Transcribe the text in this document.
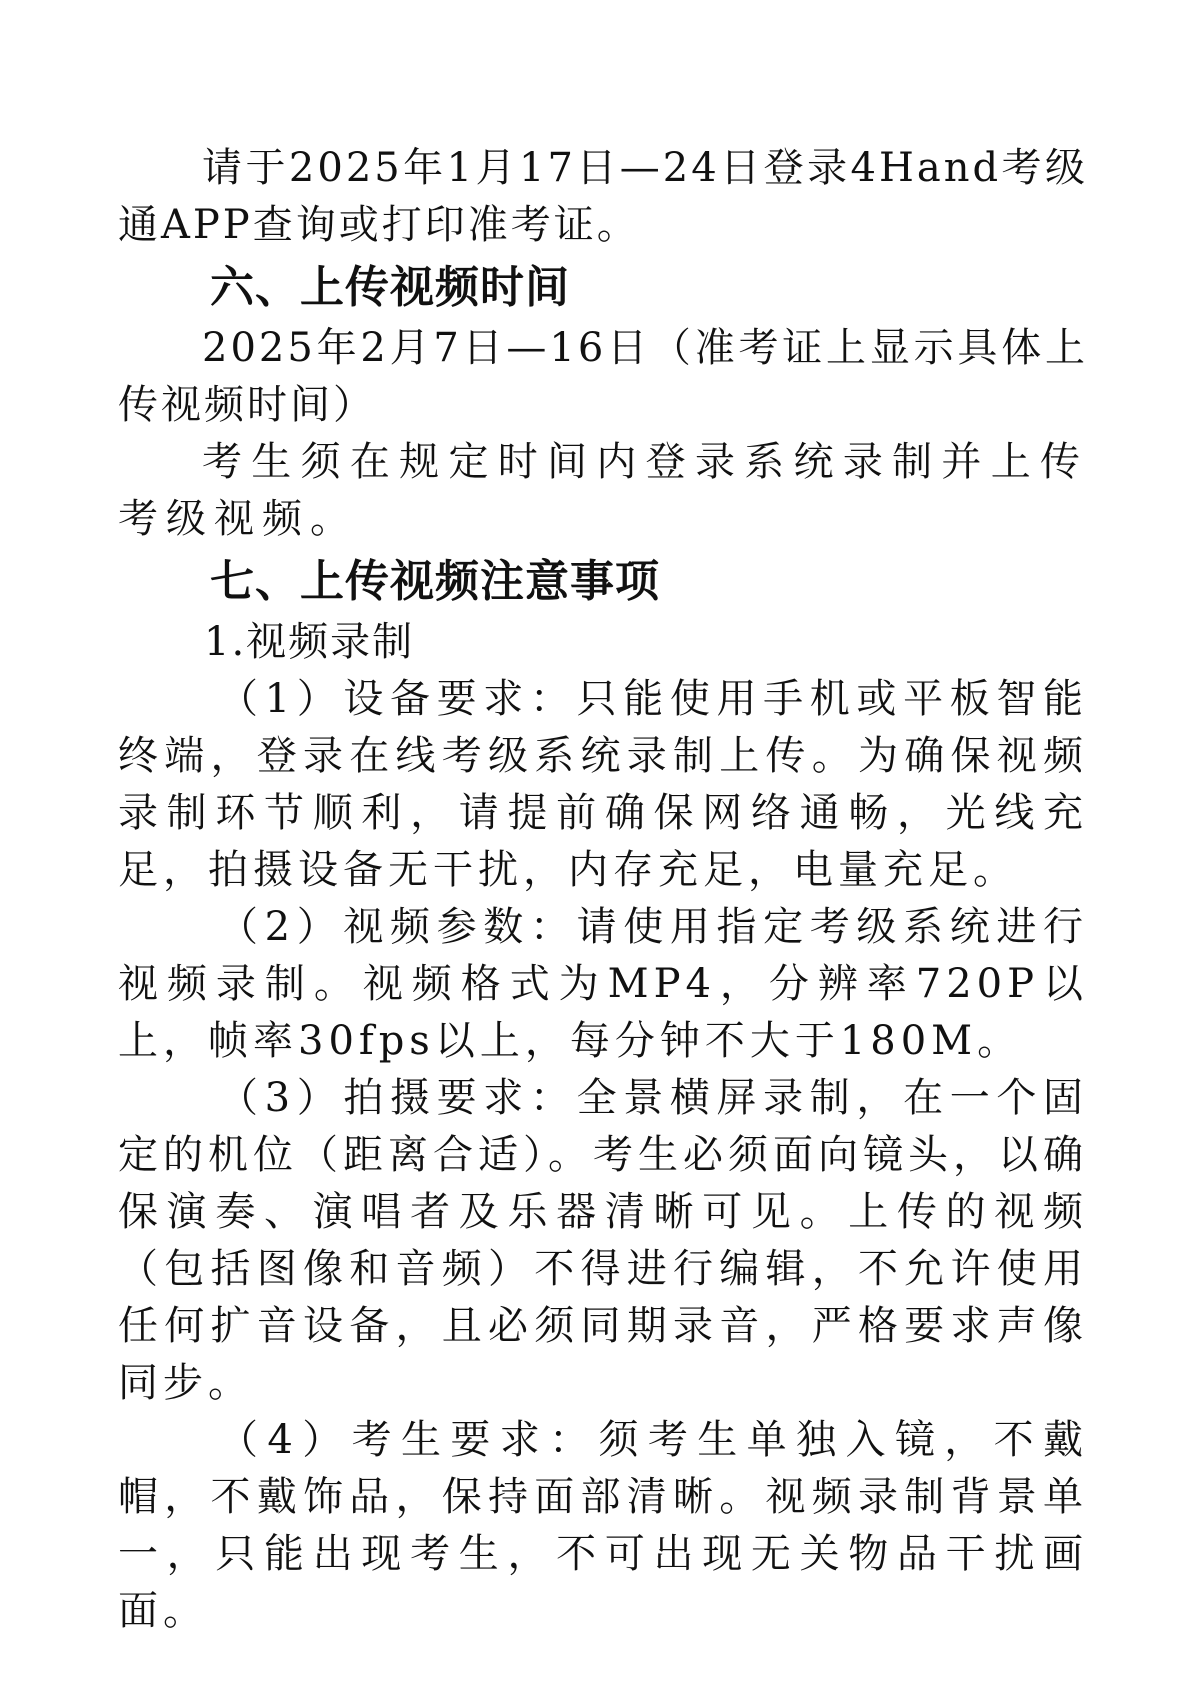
请于2025年1月17日—24日登录4Hand考级通APP查询或打印准考证。

六、上传视频时间

2025年2月7日—16日（准考证上显示具体上传视频时间）

考生须在规定时间内登录系统录制并上传考级视频。

七、上传视频注意事项

1.视频录制

（1）设备要求：只能使用手机或平板智能终端，登录在线考级系统录制上传。为确保视频录制环节顺利，请提前确保网络通畅，光线充足，拍摄设备无干扰，内存充足，电量充足。

（2）视频参数：请使用指定考级系统进行视频录制。视频格式为MP4，分辨率720P以上，帧率30fps以上，每分钟不大于180M。

（3）拍摄要求：全景横屏录制，在一个固定的机位（距离合适）。考生必须面向镜头，以确保演奏、演唱者及乐器清晰可见。上传的视频（包括图像和音频）不得进行编辑，不允许使用任何扩音设备，且必须同期录音，严格要求声像同步。

（4）考生要求：须考生单独入镜，不戴帽，不戴饰品，保持面部清晰。视频录制背景单一，只能出现考生，不可出现无关物品干扰画面。
